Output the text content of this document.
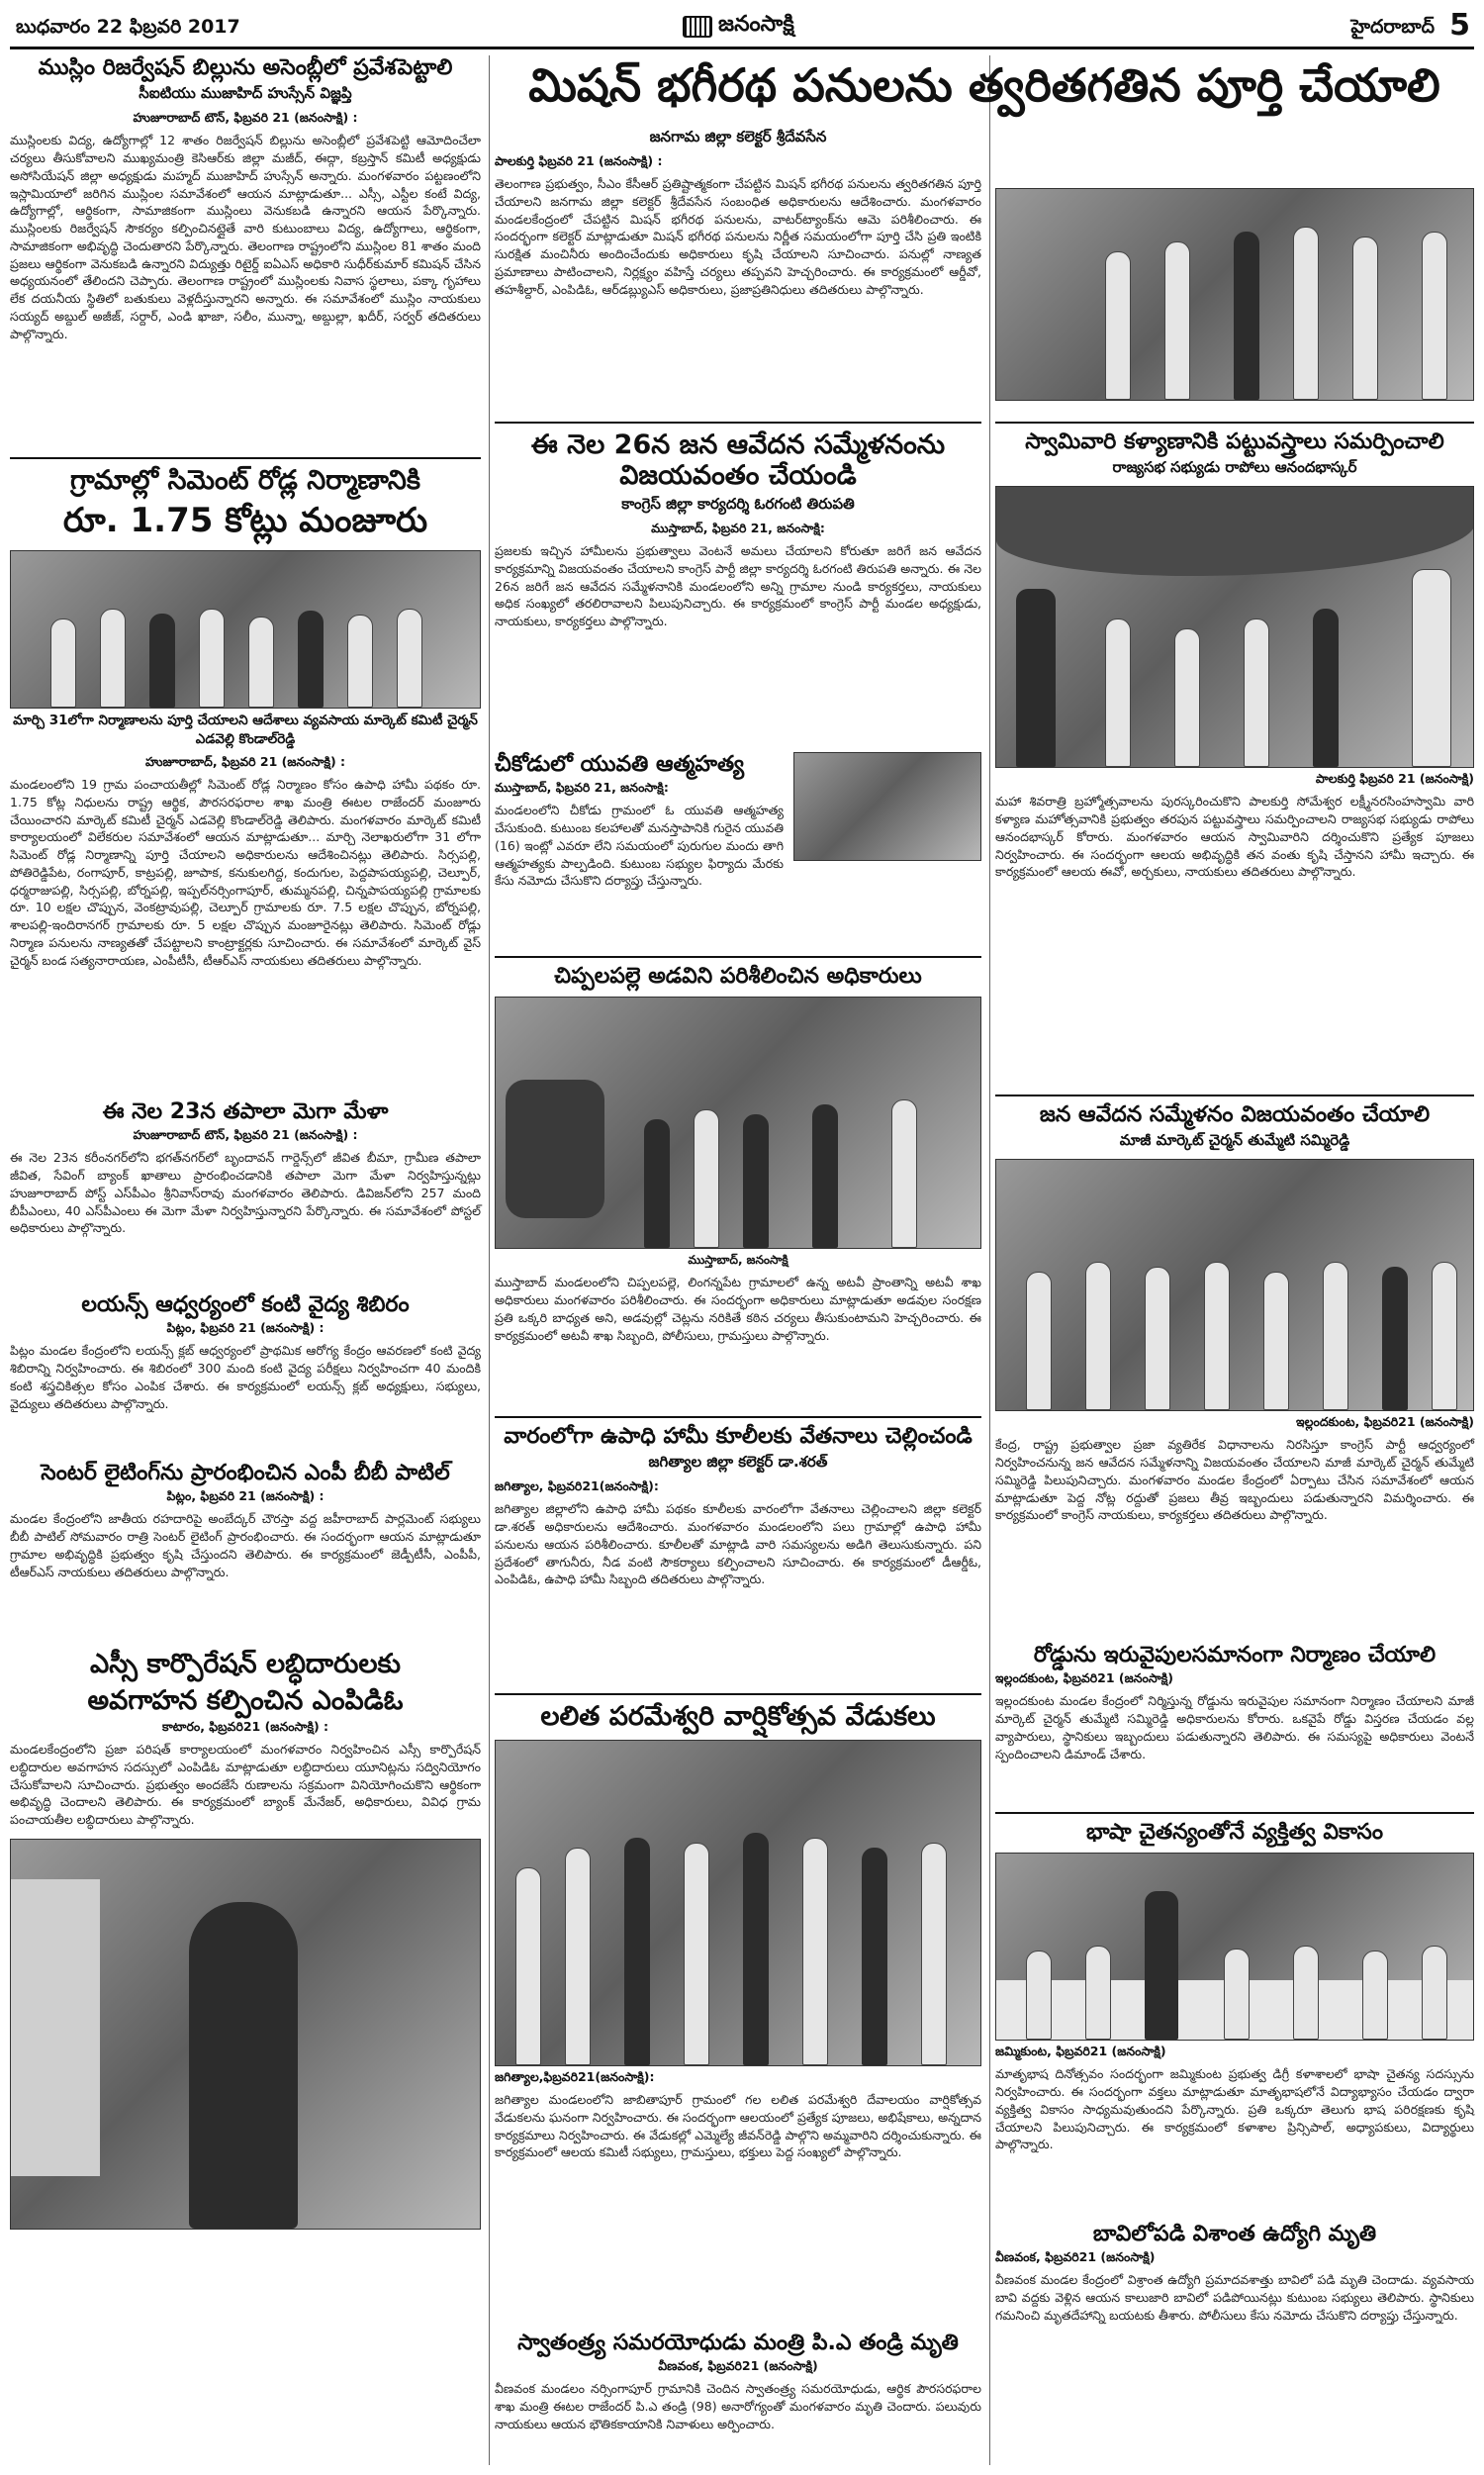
బుధవారం 22 ఫిబ్రవరి 2017	జనంసాక్షి	హైదరాబాద్ 5
ముస్లిం రిజర్వేషన్ బిల్లును అసెంబ్లీలో ప్రవేశపెట్టాలి
సీఐటియు ముజాహిద్ హుస్సేన్ విజ్ఞప్తి
హుజూరాబాద్ టౌన్, ఫిబ్రవరి 21 (జనంసాక్షి) :
ముస్లింలకు విద్య, ఉద్యోగాల్లో 12 శాతం రిజర్వేషన్ బిల్లును అసెంబ్లీలో ప్రవేశపెట్టి ఆమోదించేలా చర్యలు తీసుకోవాలని ముఖ్యమంత్రి కెసిఆర్‌కు జిల్లా మజీద్, ఈద్గా, కబ్రస్తాన్ కమిటీ అధ్యక్షుడు అసోసియేషన్ జిల్లా అధ్యక్షుడు మహ్మద్ ముజాహిద్ హుస్సేన్ అన్నారు. మంగళవారం పట్టణంలోని ఇస్లామియాలో జరిగిన ముస్లింల సమావేశంలో ఆయన మాట్లాడుతూ... ఎస్సీ, ఎస్టీల కంటే విద్య, ఉద్యోగాల్లో, ఆర్థికంగా, సామాజికంగా ముస్లింలు వెనుకబడి ఉన్నారని ఆయన పేర్కొన్నారు. ముస్లింలకు రిజర్వేషన్ సౌకర్యం కల్పించినట్లైతే వారి కుటుంబాలు విద్య, ఉద్యోగాలు, ఆర్థికంగా, సామాజికంగా అభివృద్ధి చెందుతారని పేర్కొన్నారు. తెలంగాణ రాష్ట్రంలోని ముస్లింల 81 శాతం మంది ప్రజలు ఆర్థికంగా వెనుకబడి ఉన్నారని విద్యుత్తు రిటైర్డ్ ఐఏఎస్ అధికారి సుధీర్‌కుమార్ కమిషన్ చేసిన అధ్యయనంలో తేలిందని చెప్పారు. తెలంగాణ రాష్ట్రంలో ముస్లింలకు నివాస స్థలాలు, పక్కా గృహాలు లేక దయనీయ స్థితిలో బతుకులు వెళ్లదీస్తున్నారని అన్నారు. ఈ సమావేశంలో ముస్లిం నాయకులు సయ్యద్ అబ్దుల్ అజీజ్, సర్దార్, ఎండి ఖాజా, సలీం, మున్నా, అబ్దుల్లా, ఖదీర్, సర్వర్ తదితరులు పాల్గొన్నారు.
గ్రామాల్లో సిమెంట్ రోడ్ల నిర్మాణానికి
రూ. 1.75 కోట్లు మంజూరు
మార్చి 31లోగా నిర్మాణాలను పూర్తి చేయాలని ఆదేశాలు వ్యవసాయ మార్కెట్ కమిటీ చైర్మన్ ఎడవెల్లి కొండాల్‌రెడ్డి
హుజూరాబాద్, ఫిబ్రవరి 21 (జనంసాక్షి) :
మండలంలోని 19 గ్రామ పంచాయతీల్లో సిమెంట్ రోడ్ల నిర్మాణం కోసం ఉపాధి హామీ పథకం రూ. 1.75 కోట్ల నిధులను రాష్ట్ర ఆర్థిక, పౌరసరఫరాల శాఖ మంత్రి ఈటల రాజేందర్ మంజూరు చేయించారని మార్కెట్ కమిటీ చైర్మన్ ఎడవెల్లి కొండాల్‌రెడ్డి తెలిపారు. మంగళవారం మార్కెట్ కమిటీ కార్యాలయంలో విలేకరుల సమావేశంలో ఆయన మాట్లాడుతూ... మార్చి నెలాఖరులోగా 31 లోగా సిమెంట్ రోడ్ల నిర్మాణాన్ని పూర్తి చేయాలని అధికారులను ఆదేశించినట్లు తెలిపారు. సిర్సపల్లి, పోతిరెడ్డిపేట, రంగాపూర్, కాట్రపల్లి, జూపాక, కనుకులగిద్ద, కందుగుల, పెద్దపాపయ్యపల్లి, చెల్పూర్, ధర్మరాజుపల్లి, సిర్సపల్లి, బోర్నపల్లి, ఇప్పల్‌నర్సింగాపూర్, తుమ్మనపల్లి, చిన్నపాపయ్యపల్లి గ్రామాలకు రూ. 10 లక్షల చొప్పున, వెంకట్రావుపల్లి, చెల్పూర్ గ్రామాలకు రూ. 7.5 లక్షల చొప్పున, బోర్నపల్లి, శాలపల్లి-ఇందిరానగర్ గ్రామాలకు రూ. 5 లక్షల చొప్పున మంజూరైనట్లు తెలిపారు. సిమెంట్ రోడ్లు నిర్మాణ పనులను నాణ్యతతో చేపట్టాలని కాంట్రాక్టర్లకు సూచించారు. ఈ సమావేశంలో మార్కెట్ వైస్ చైర్మన్ బండ సత్యనారాయణ, ఎంపీటీసీ, టీఆర్ఎస్ నాయకులు తదితరులు పాల్గొన్నారు.
ఈ నెల 23న తపాలా మెగా మేళా
హుజూరాబాద్ టౌన్, ఫిబ్రవరి 21 (జనంసాక్షి) :
ఈ నెల 23న కరీంనగర్‌లోని భగత్‌నగర్‌లో బృందావన్ గార్డెన్స్‌లో జీవిత బీమా, గ్రామీణ తపాలా జీవిత, సేవింగ్ బ్యాంక్ ఖాతాలు ప్రారంభించడానికి తపాలా మెగా మేళా నిర్వహిస్తున్నట్లు హుజూరాబాద్ పోస్ట్ ఎస్‌పీఎం శ్రీనివాస్‌రావు మంగళవారం తెలిపారు. డివిజన్‌లోని 257 మంది బీపీఎంలు, 40 ఎస్‌పీఎంలు ఈ మెగా మేళా నిర్వహిస్తున్నారని పేర్కొన్నారు. ఈ సమావేశంలో పోస్టల్ అధికారులు పాల్గొన్నారు.
లయన్స్ ఆధ్వర్యంలో కంటి వైద్య శిబిరం
పిట్లం, ఫిబ్రవరి 21 (జనంసాక్షి) :
పిట్లం మండల కేంద్రంలోని లయన్స్ క్లబ్ ఆధ్వర్యంలో ప్రాథమిక ఆరోగ్య కేంద్రం ఆవరణలో కంటి వైద్య శిబిరాన్ని నిర్వహించారు. ఈ శిబిరంలో 300 మంది కంటి వైద్య పరీక్షలు నిర్వహించగా 40 మందికి కంటి శస్త్రచికిత్సల కోసం ఎంపిక చేశారు. ఈ కార్యక్రమంలో లయన్స్ క్లబ్ అధ్యక్షులు, సభ్యులు, వైద్యులు తదితరులు పాల్గొన్నారు.
సెంటర్ లైటింగ్‌ను ప్రారంభించిన ఎంపీ బీబీ పాటిల్
పిట్లం, ఫిబ్రవరి 21 (జనంసాక్షి) :
మండల కేంద్రంలోని జాతీయ రహదారిపై అంబేద్కర్ చౌరస్తా వద్ద జహీరాబాద్ పార్లమెంట్ సభ్యులు బీబీ పాటిల్ సోమవారం రాత్రి సెంటర్ లైటింగ్ ప్రారంభించారు. ఈ సందర్భంగా ఆయన మాట్లాడుతూ గ్రామాల అభివృద్ధికి ప్రభుత్వం కృషి చేస్తుందని తెలిపారు. ఈ కార్యక్రమంలో జెడ్పీటీసీ, ఎంపీపీ, టీఆర్ఎస్ నాయకులు తదితరులు పాల్గొన్నారు.
ఎస్సీ కార్పొరేషన్ లబ్ధిదారులకు
అవగాహన కల్పించిన ఎంపిడిఓ
కాటారం, ఫిబ్రవరి21 (జనంసాక్షి) :
మండలకేంద్రంలోని ప్రజా పరిషత్ కార్యాలయంలో మంగళవారం నిర్వహించిన ఎస్సీ కార్పొరేషన్ లబ్ధిదారుల అవగాహన సదస్సులో ఎంపిడిఓ మాట్లాడుతూ లబ్ధిదారులు యూనిట్లను సద్వినియోగం చేసుకోవాలని సూచించారు. ప్రభుత్వం అందజేసే రుణాలను సక్రమంగా వినియోగించుకొని ఆర్థికంగా అభివృద్ధి చెందాలని తెలిపారు. ఈ కార్యక్రమంలో బ్యాంక్ మేనేజర్, అధికారులు, వివిధ గ్రామ పంచాయతీల లబ్ధిదారులు పాల్గొన్నారు.
మిషన్ భగీరథ పనులను త్వరితగతిన పూర్తి చేయాలి
జనగామ జిల్లా కలెక్టర్ శ్రీదేవసేన
పాలకుర్తి ఫిబ్రవరి 21 (జనంసాక్షి) :
తెలంగాణ ప్రభుత్వం, సీఎం కేసీఆర్ ప్రతిష్టాత్మకంగా చేపట్టిన మిషన్ భగీరథ పనులను త్వరితగతిన పూర్తి చేయాలని జనగామ జిల్లా కలెక్టర్ శ్రీదేవసేన సంబంధిత అధికారులను ఆదేశించారు. మంగళవారం మండలకేంద్రంలో చేపట్టిన మిషన్ భగీరథ పనులను, వాటర్‌ట్యాంక్‌ను ఆమె పరిశీలించారు. ఈ సందర్భంగా కలెక్టర్ మాట్లాడుతూ మిషన్ భగీరథ పనులను నిర్ణీత సమయంలోగా పూర్తి చేసి ప్రతి ఇంటికి సురక్షిత మంచినీరు అందించేందుకు అధికారులు కృషి చేయాలని సూచించారు. పనుల్లో నాణ్యత ప్రమాణాలు పాటించాలని, నిర్లక్ష్యం వహిస్తే చర్యలు తప్పవని హెచ్చరించారు. ఈ కార్యక్రమంలో ఆర్డీవో, తహశీల్దార్, ఎంపిడిఓ, ఆర్‌డబ్ల్యుఎస్ అధికారులు, ప్రజాప్రతినిధులు తదితరులు పాల్గొన్నారు.
ఈ నెల 26న జన ఆవేదన సమ్మేళనంను విజయవంతం చేయండి
కాంగ్రెస్ జిల్లా కార్యదర్శి ఓరగంటి తిరుపతి
ముస్తాబాద్, ఫిబ్రవరి 21, జనంసాక్షి:
ప్రజలకు ఇచ్చిన హామీలను ప్రభుత్వాలు వెంటనే అమలు చేయాలని కోరుతూ జరిగే జన ఆవేదన కార్యక్రమాన్ని విజయవంతం చేయాలని కాంగ్రెస్ పార్టీ జిల్లా కార్యదర్శి ఓరగంటి తిరుపతి అన్నారు. ఈ నెల 26న జరిగే జన ఆవేదన సమ్మేళనానికి మండలంలోని అన్ని గ్రామాల నుండి కార్యకర్తలు, నాయకులు అధిక సంఖ్యలో తరలిరావాలని పిలుపునిచ్చారు. ఈ కార్యక్రమంలో కాంగ్రెస్ పార్టీ మండల అధ్యక్షుడు, నాయకులు, కార్యకర్తలు పాల్గొన్నారు.
చీకోడులో యువతి ఆత్మహత్య
ముస్తాబాద్, ఫిబ్రవరి 21, జనంసాక్షి:
మండలంలోని చీకోడు గ్రామంలో ఓ యువతి ఆత్మహత్య చేసుకుంది. కుటుంబ కలహాలతో మనస్తాపానికి గురైన యువతి (16) ఇంట్లో ఎవరూ లేని సమయంలో పురుగుల మందు తాగి ఆత్మహత్యకు పాల్పడింది. కుటుంబ సభ్యుల ఫిర్యాదు మేరకు కేసు నమోదు చేసుకొని దర్యాప్తు చేస్తున్నారు.
చిప్పలపల్లె అడవిని పరిశీలించిన అధికారులు
ముస్తాబాద్, జనంసాక్షి
ముస్తాబాద్ మండలంలోని చిప్పలపల్లె, లింగన్నపేట గ్రామాలలో ఉన్న అటవీ ప్రాంతాన్ని అటవీ శాఖ అధికారులు మంగళవారం పరిశీలించారు. ఈ సందర్భంగా అధికారులు మాట్లాడుతూ అడవుల సంరక్షణ ప్రతి ఒక్కరి బాధ్యత అని, అడవుల్లో చెట్లను నరికితే కఠిన చర్యలు తీసుకుంటామని హెచ్చరించారు. ఈ కార్యక్రమంలో అటవీ శాఖ సిబ్బంది, పోలీసులు, గ్రామస్తులు పాల్గొన్నారు.
వారంలోగా ఉపాధి హామీ కూలీలకు వేతనాలు చెల్లించండి
జగిత్యాల జిల్లా కలెక్టర్ డా.శరత్
జగిత్యాల, ఫిబ్రవరి21(జనంసాక్షి):
జగిత్యాల జిల్లాలోని ఉపాధి హామీ పథకం కూలీలకు వారంలోగా వేతనాలు చెల్లించాలని జిల్లా కలెక్టర్ డా.శరత్ అధికారులను ఆదేశించారు. మంగళవారం మండలంలోని పలు గ్రామాల్లో ఉపాధి హామీ పనులను ఆయన పరిశీలించారు. కూలీలతో మాట్లాడి వారి సమస్యలను అడిగి తెలుసుకున్నారు. పని ప్రదేశంలో తాగునీరు, నీడ వంటి సౌకర్యాలు కల్పించాలని సూచించారు. ఈ కార్యక్రమంలో డీఆర్డీఓ, ఎంపిడిఓ, ఉపాధి హామీ సిబ్బంది తదితరులు పాల్గొన్నారు.
లలిత పరమేశ్వరి వార్షికోత్సవ వేడుకలు
జగిత్యాల,ఫిబ్రవరి21(జనంసాక్షి):
జగిత్యాల మండలంలోని జాబితాపూర్ గ్రామంలో గల లలిత పరమేశ్వరి దేవాలయం వార్షికోత్సవ వేడుకలను ఘనంగా నిర్వహించారు. ఈ సందర్భంగా ఆలయంలో ప్రత్యేక పూజలు, అభిషేకాలు, అన్నదాన కార్యక్రమాలు నిర్వహించారు. ఈ వేడుకల్లో ఎమ్మెల్యే జీవన్‌రెడ్డి పాల్గొని అమ్మవారిని దర్శించుకున్నారు. ఈ కార్యక్రమంలో ఆలయ కమిటీ సభ్యులు, గ్రామస్తులు, భక్తులు పెద్ద సంఖ్యలో పాల్గొన్నారు.
స్వాతంత్ర్య సమరయోధుడు మంత్రి పి.ఎ తండ్రి మృతి
వీణవంక, ఫిబ్రవరి21 (జనంసాక్షి)
వీణవంక మండలం నర్సింగాపూర్ గ్రామానికి చెందిన స్వాతంత్ర్య సమరయోధుడు, ఆర్థిక పౌరసరఫరాల శాఖ మంత్రి ఈటల రాజేందర్ పి.ఎ తండ్రి (98) అనారోగ్యంతో మంగళవారం మృతి చెందారు. పలువురు నాయకులు ఆయన భౌతికకాయానికి నివాళులు అర్పించారు.
స్వామివారి కళ్యాణానికి పట్టువస్త్రాలు సమర్పించాలి
రాజ్యసభ సభ్యుడు రాపోలు ఆనందభాస్కర్
పాలకుర్తి ఫిబ్రవరి 21 (జనంసాక్షి)
మహా శివరాత్రి బ్రహ్మోత్సవాలను పురస్కరించుకొని పాలకుర్తి సోమేశ్వర లక్ష్మీనరసింహస్వామి వారి కళ్యాణ మహోత్సవానికి ప్రభుత్వం తరపున పట్టువస్త్రాలు సమర్పించాలని రాజ్యసభ సభ్యుడు రాపోలు ఆనందభాస్కర్ కోరారు. మంగళవారం ఆయన స్వామివారిని దర్శించుకొని ప్రత్యేక పూజలు నిర్వహించారు. ఈ సందర్భంగా ఆలయ అభివృద్ధికి తన వంతు కృషి చేస్తానని హామీ ఇచ్చారు. ఈ కార్యక్రమంలో ఆలయ ఈవో, అర్చకులు, నాయకులు తదితరులు పాల్గొన్నారు.
జన ఆవేదన సమ్మేళనం విజయవంతం చేయాలి
మాజీ మార్కెట్ చైర్మన్ తుమ్మేటి సమ్మిరెడ్డి
ఇల్లందకుంట, ఫిబ్రవరి21 (జనంసాక్షి)
కేంద్ర, రాష్ట్ర ప్రభుత్వాల ప్రజా వ్యతిరేక విధానాలను నిరసిస్తూ కాంగ్రెస్ పార్టీ ఆధ్వర్యంలో నిర్వహించనున్న జన ఆవేదన సమ్మేళనాన్ని విజయవంతం చేయాలని మాజీ మార్కెట్ చైర్మన్ తుమ్మేటి సమ్మిరెడ్డి పిలుపునిచ్చారు. మంగళవారం మండల కేంద్రంలో ఏర్పాటు చేసిన సమావేశంలో ఆయన మాట్లాడుతూ పెద్ద నోట్ల రద్దుతో ప్రజలు తీవ్ర ఇబ్బందులు పడుతున్నారని విమర్శించారు. ఈ కార్యక్రమంలో కాంగ్రెస్ నాయకులు, కార్యకర్తలు తదితరులు పాల్గొన్నారు.
రోడ్డును ఇరువైపులసమానంగా నిర్మాణం చేయాలి
ఇల్లందకుంట, ఫిబ్రవరి21 (జనంసాక్షి)
ఇల్లందకుంట మండల కేంద్రంలో నిర్మిస్తున్న రోడ్డును ఇరువైపుల సమానంగా నిర్మాణం చేయాలని మాజీ మార్కెట్ చైర్మన్ తుమ్మేటి సమ్మిరెడ్డి అధికారులను కోరారు. ఒకవైపే రోడ్డు విస్తరణ చేయడం వల్ల వ్యాపారులు, స్థానికులు ఇబ్బందులు పడుతున్నారని తెలిపారు. ఈ సమస్యపై అధికారులు వెంటనే స్పందించాలని డిమాండ్ చేశారు.
భాషా చైతన్యంతోనే వ్యక్తిత్వ వికాసం
జమ్మికుంట, ఫిబ్రవరి21 (జనంసాక్షి)
మాతృభాష దినోత్సవం సందర్భంగా జమ్మికుంట ప్రభుత్వ డిగ్రీ కళాశాలలో భాషా చైతన్య సదస్సును నిర్వహించారు. ఈ సందర్భంగా వక్తలు మాట్లాడుతూ మాతృభాషలోనే విద్యాభ్యాసం చేయడం ద్వారా వ్యక్తిత్వ వికాసం సాధ్యమవుతుందని పేర్కొన్నారు. ప్రతి ఒక్కరూ తెలుగు భాష పరిరక్షణకు కృషి చేయాలని పిలుపునిచ్చారు. ఈ కార్యక్రమంలో కళాశాల ప్రిన్సిపాల్, అధ్యాపకులు, విద్యార్థులు పాల్గొన్నారు.
బావిలోపడి విశాంత ఉద్యోగి మృతి
వీణవంక, ఫిబ్రవరి21 (జనంసాక్షి)
వీణవంక మండల కేంద్రంలో విశ్రాంత ఉద్యోగి ప్రమాదవశాత్తు బావిలో పడి మృతి చెందాడు. వ్యవసాయ బావి వద్దకు వెళ్లిన ఆయన కాలుజారి బావిలో పడిపోయినట్లు కుటుంబ సభ్యులు తెలిపారు. స్థానికులు గమనించి మృతదేహాన్ని బయటకు తీశారు. పోలీసులు కేసు నమోదు చేసుకొని దర్యాప్తు చేస్తున్నారు.
